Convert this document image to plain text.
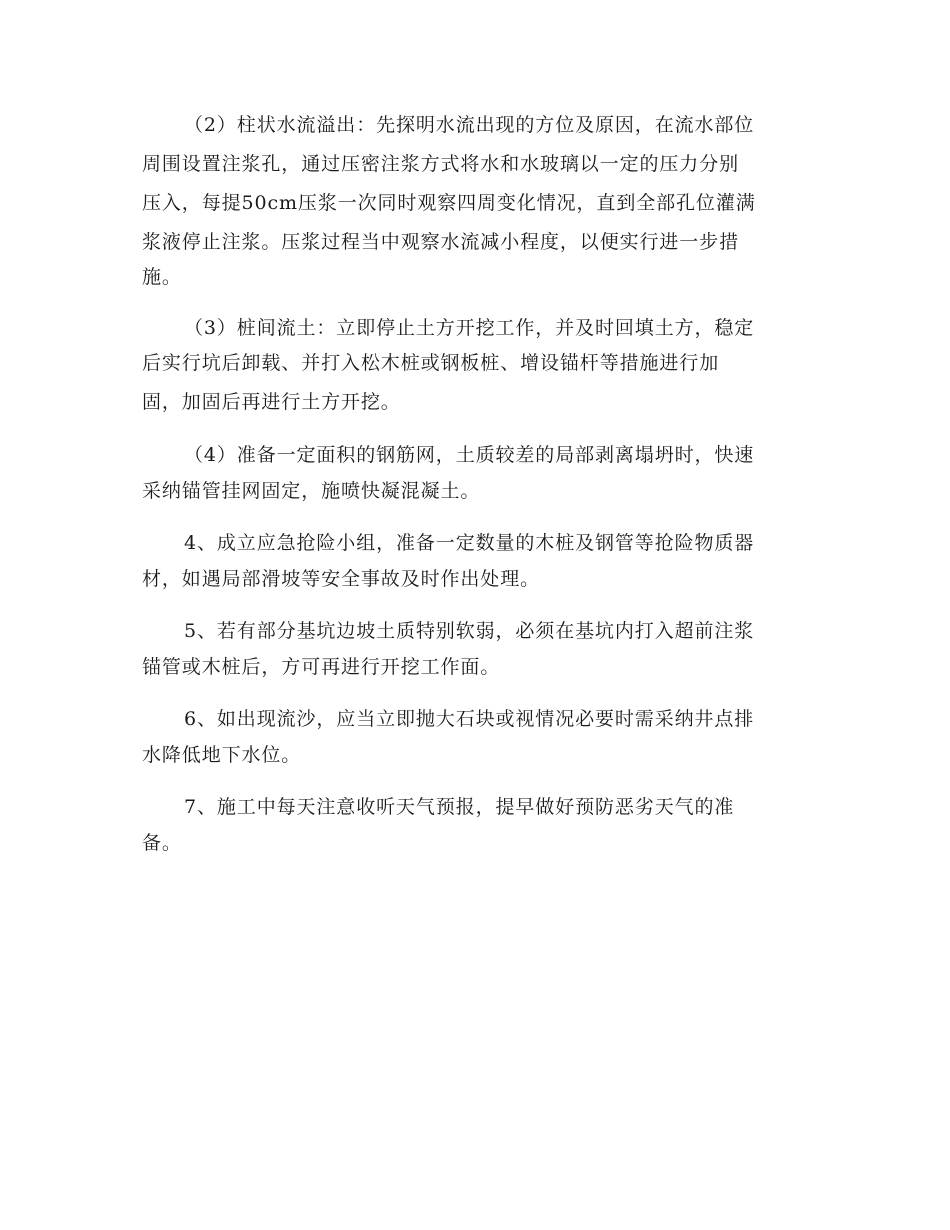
（2）柱状水流溢出：先探明水流出现的方位及原因，在流水部位
周围设置注浆孔，通过压密注浆方式将水和水玻璃以一定的压力分别
压入，每提50cm压浆一次同时观察四周变化情况，直到全部孔位灌满
浆液停止注浆。压浆过程当中观察水流减小程度，以便实行进一步措
施。
（3）桩间流土：立即停止土方开挖工作，并及时回填土方，稳定
后实行坑后卸载、并打入松木桩或钢板桩、增设锚杆等措施进行加
固，加固后再进行土方开挖。
（4）准备一定面积的钢筋网，土质较差的局部剥离塌坍时，快速
采纳锚管挂网固定，施喷快凝混凝土。
4、成立应急抢险小组，准备一定数量的木桩及钢管等抢险物质器
材，如遇局部滑坡等安全事故及时作出处理。
5、若有部分基坑边坡土质特别软弱，必须在基坑内打入超前注浆
锚管或木桩后，方可再进行开挖工作面。
6、如出现流沙，应当立即抛大石块或视情况必要时需采纳井点排
水降低地下水位。
7、施工中每天注意收听天气预报，提早做好预防恶劣天气的准
备。
